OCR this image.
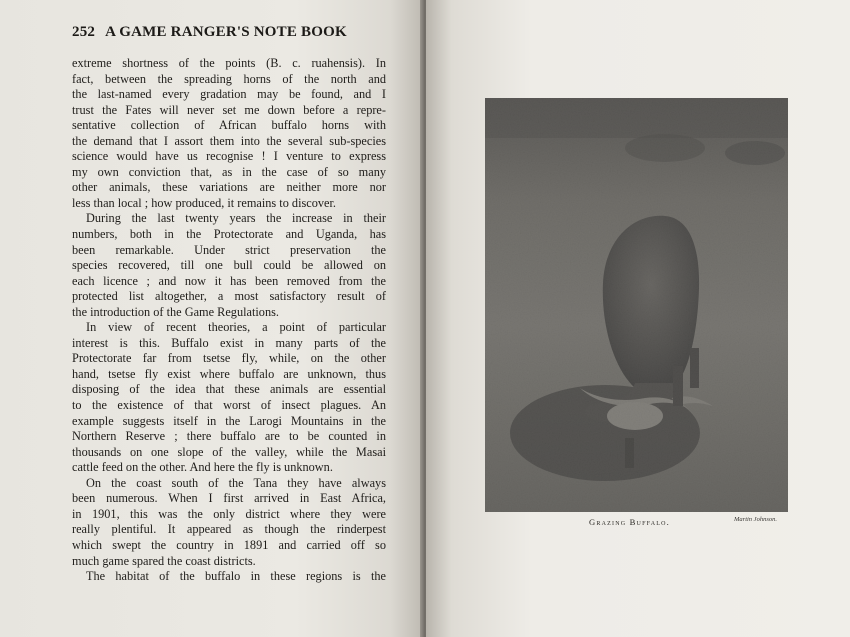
252 A GAME RANGER'S NOTE BOOK
extreme shortness of the points (B. c. ruahensis). In
fact, between the spreading horns of the north and
the last-named every gradation may be found, and I
trust the Fates will never set me down before a repre-
sentative collection of African buffalo horns with
the demand that I assort them into the several sub-species
science would have us recognise ! I venture to express
my own conviction that, as in the case of so many
other animals, these variations are neither more nor
less than local ; how produced, it remains to discover.
During the last twenty years the increase in their
numbers, both in the Protectorate and Uganda, has
been remarkable. Under strict preservation the
species recovered, till one bull could be allowed on
each licence ; and now it has been removed from the
protected list altogether, a most satisfactory result of
the introduction of the Game Regulations.
In view of recent theories, a point of particular
interest is this. Buffalo exist in many parts of the
Protectorate far from tsetse fly, while, on the other
hand, tsetse fly exist where buffalo are unknown, thus
disposing of the idea that these animals are essential
to the existence of that worst of insect plagues. An
example suggests itself in the Larogi Mountains in the
Northern Reserve ; there buffalo are to be counted in
thousands on one slope of the valley, while the Masai
cattle feed on the other. And here the fly is unknown.
On the coast south of the Tana they have always
been numerous. When I first arrived in East Africa,
in 1901, this was the only district where they were
really plentiful. It appeared as though the rinderpest
which swept the country in 1891 and carried off so
much game spared the coast districts.
The habitat of the buffalo in these regions is the
Grazing Buffalo.	Martin Johnson.
